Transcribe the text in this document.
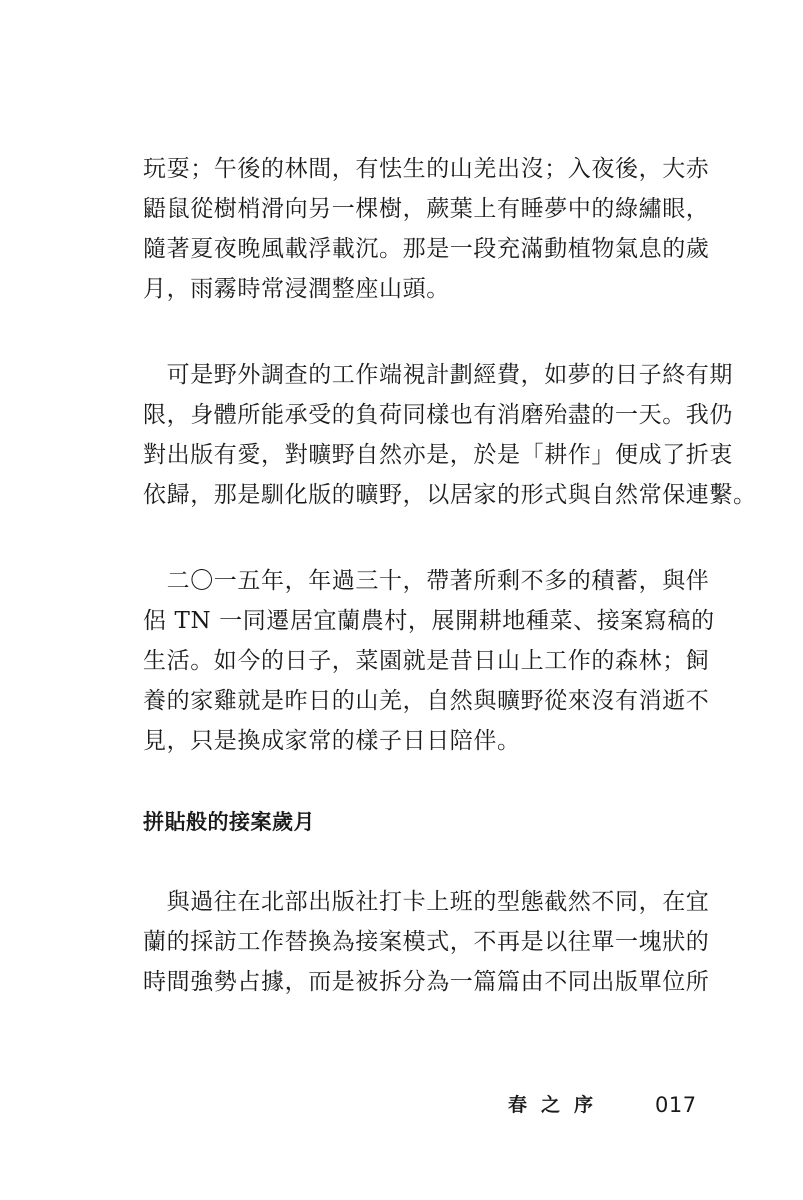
玩耍；午後的林間，有怯生的山羌出沒；入夜後，大赤
鼯鼠從樹梢滑向另一棵樹，蕨葉上有睡夢中的綠繡眼，
隨著夏夜晚風載浮載沉。那是一段充滿動植物氣息的歲
月，雨霧時常浸潤整座山頭。
　可是野外調查的工作端視計劃經費，如夢的日子終有期
限，身體所能承受的負荷同樣也有消磨殆盡的一天。我仍
對出版有愛，對曠野自然亦是，於是「耕作」便成了折衷
依歸，那是馴化版的曠野，以居家的形式與自然常保連繫。
　二〇一五年，年過三十，帶著所剩不多的積蓄，與伴
侶 TN 一同遷居宜蘭農村，展開耕地種菜、接案寫稿的
生活。如今的日子，菜園就是昔日山上工作的森林；飼
養的家雞就是昨日的山羌，自然與曠野從來沒有消逝不
見，只是換成家常的樣子日日陪伴。
拼貼般的接案歲月
　與過往在北部出版社打卡上班的型態截然不同，在宜
蘭的採訪工作替換為接案模式，不再是以往單一塊狀的
時間強勢占據，而是被拆分為一篇篇由不同出版單位所
春之序 017
